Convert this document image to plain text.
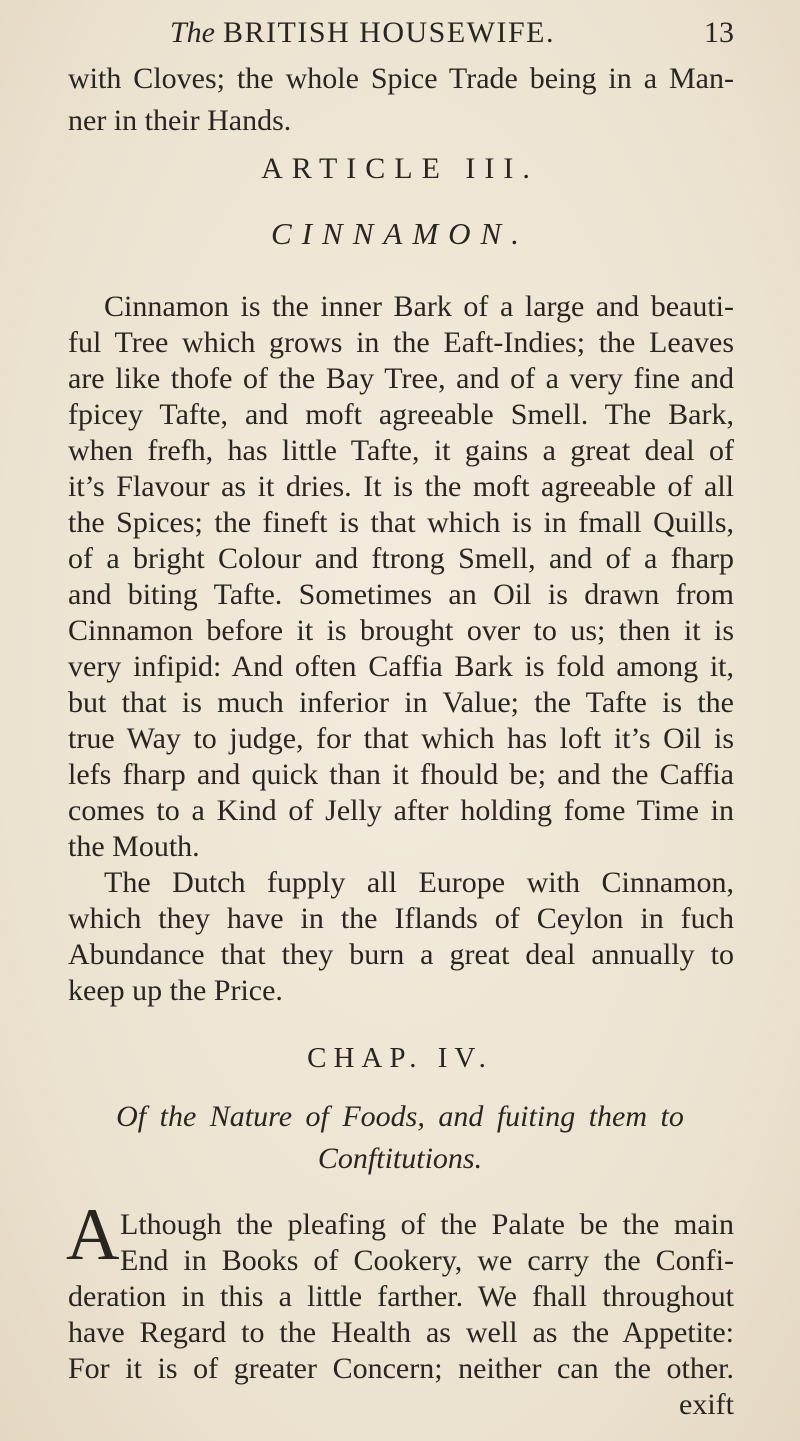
The BRITISH HOUSEWIFE.	13
with Cloves; the whole Spice Trade being in a Man-
ner in their Hands.
ARTICLE III.
CINNAMON.
Cinnamon is the inner Bark of a large and beauti-
ful Tree which grows in the Eaft-Indies; the Leaves
are like thofe of the Bay Tree, and of a very fine and
fpicey Tafte, and moft agreeable Smell. The Bark,
when frefh, has little Tafte, it gains a great deal of
it’s Flavour as it dries. It is the moft agreeable of all
the Spices; the fineft is that which is in fmall Quills,
of a bright Colour and ftrong Smell, and of a fharp
and biting Tafte. Sometimes an Oil is drawn from
Cinnamon before it is brought over to us; then it is
very infipid: And often Caffia Bark is fold among it,
but that is much inferior in Value; the Tafte is the
true Way to judge, for that which has loft it’s Oil is
lefs fharp and quick than it fhould be; and the Caffia
comes to a Kind of Jelly after holding fome Time in
the Mouth.
The Dutch fupply all Europe with Cinnamon,
which they have in the Iflands of Ceylon in fuch
Abundance that they burn a great deal annually to
keep up the Price.
CHAP. IV.
Of the Nature of Foods, and fuiting them to
Conftitutions.
A Lthough the pleafing of the Palate be the main
End in Books of Cookery, we carry the Confi-
deration in this a little farther. We fhall throughout
have Regard to the Health as well as the Appetite:
For it is of greater Concern; neither can the other.
exift
